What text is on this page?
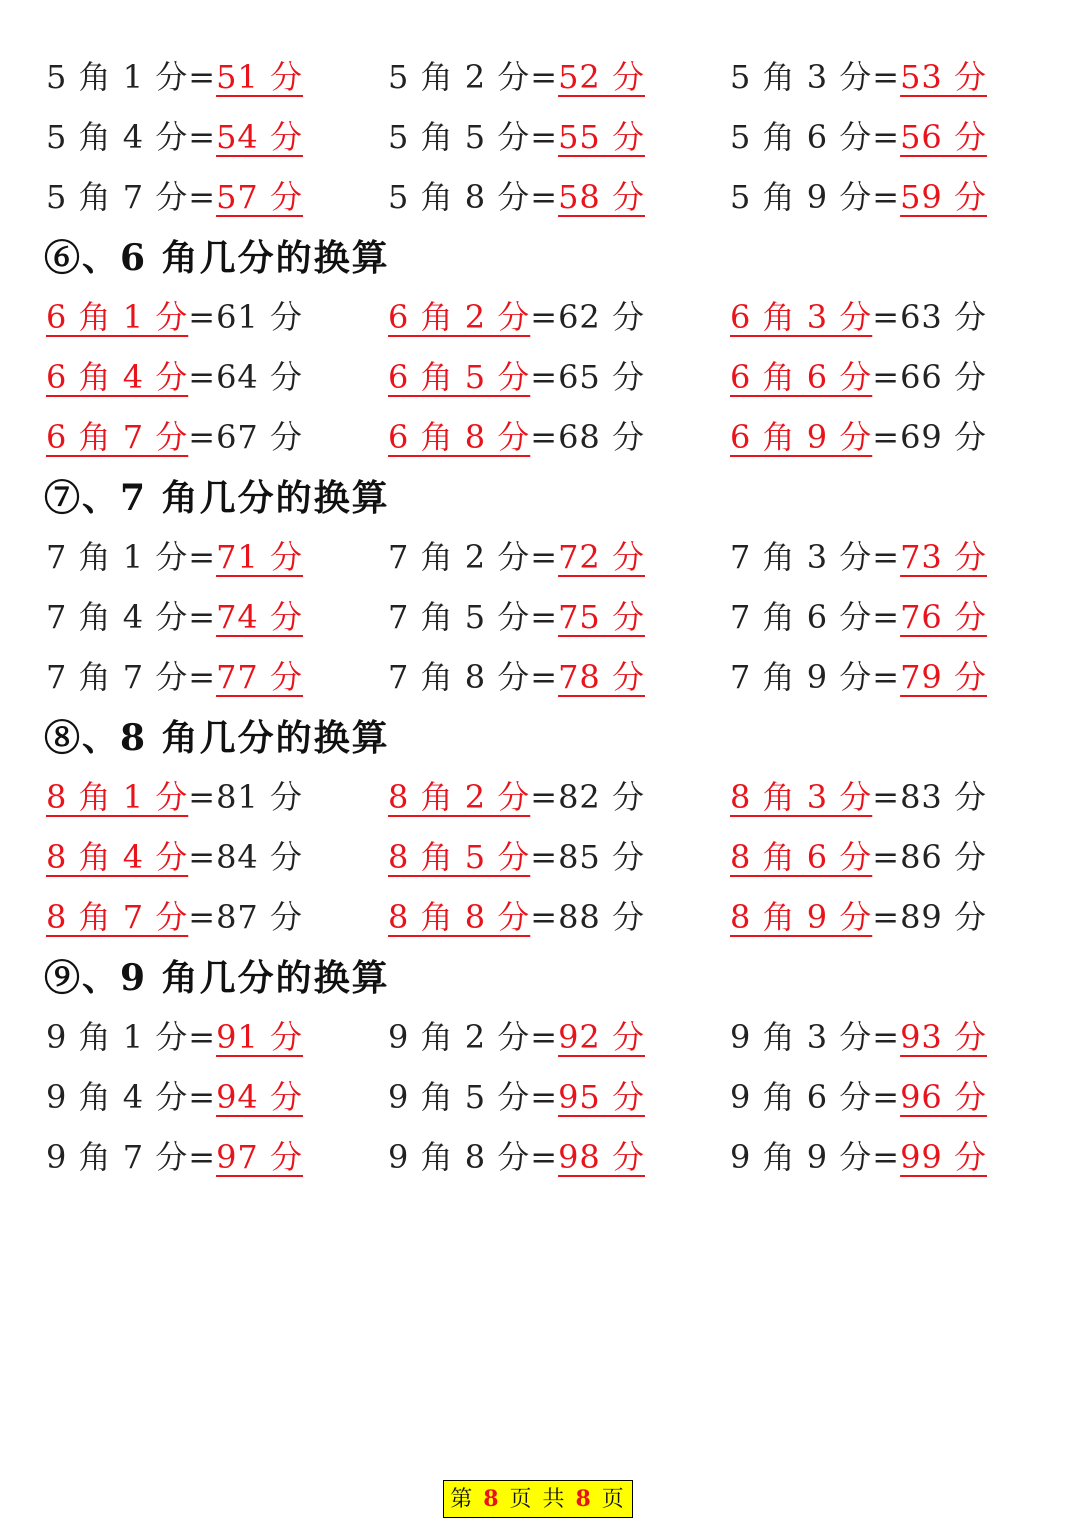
5 角 1 分=51 分	5 角 2 分=52 分	5 角 3 分=53 分
5 角 4 分=54 分	5 角 5 分=55 分	5 角 6 分=56 分
5 角 7 分=57 分	5 角 8 分=58 分	5 角 9 分=59 分
⑥、6 角几分的换算
6 角 1 分=61 分	6 角 2 分=62 分	6 角 3 分=63 分
6 角 4 分=64 分	6 角 5 分=65 分	6 角 6 分=66 分
6 角 7 分=67 分	6 角 8 分=68 分	6 角 9 分=69 分
⑦、7 角几分的换算
7 角 1 分=71 分	7 角 2 分=72 分	7 角 3 分=73 分
7 角 4 分=74 分	7 角 5 分=75 分	7 角 6 分=76 分
7 角 7 分=77 分	7 角 8 分=78 分	7 角 9 分=79 分
⑧、8 角几分的换算
8 角 1 分=81 分	8 角 2 分=82 分	8 角 3 分=83 分
8 角 4 分=84 分	8 角 5 分=85 分	8 角 6 分=86 分
8 角 7 分=87 分	8 角 8 分=88 分	8 角 9 分=89 分
⑨、9 角几分的换算
9 角 1 分=91 分	9 角 2 分=92 分	9 角 3 分=93 分
9 角 4 分=94 分	9 角 5 分=95 分	9 角 6 分=96 分
9 角 7 分=97 分	9 角 8 分=98 分	9 角 9 分=99 分
第 8 页 共 8 页
